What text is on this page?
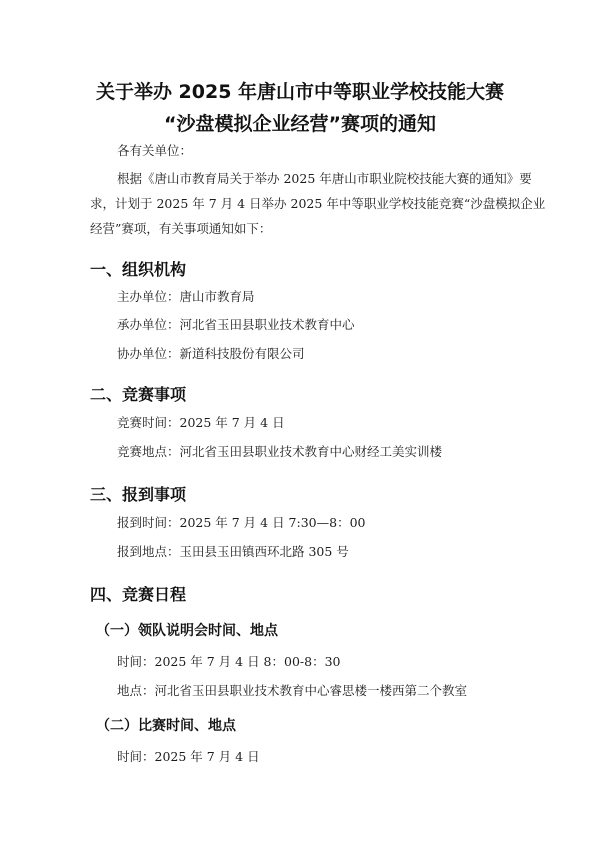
关于举办 2025 年唐山市中等职业学校技能大赛
“沙盘模拟企业经营”赛项的通知
各有关单位：
根据《唐山市教育局关于举办 2025 年唐山市职业院校技能大赛的通知》要
求，计划于 2025 年 7 月 4 日举办 2025 年中等职业学校技能竞赛“沙盘模拟企业
经营”赛项，有关事项通知如下：
一、组织机构
主办单位：唐山市教育局
承办单位：河北省玉田县职业技术教育中心
协办单位：新道科技股份有限公司
二、竞赛事项
竞赛时间：2025 年 7 月 4 日
竞赛地点：河北省玉田县职业技术教育中心财经工美实训楼
三、报到事项
报到时间：2025 年 7 月 4 日 7:30—8：00
报到地点：玉田县玉田镇西环北路 305 号
四、竞赛日程
（一）领队说明会时间、地点
时间：2025 年 7 月 4 日 8：00-8：30
地点：河北省玉田县职业技术教育中心睿思楼一楼西第二个教室
（二）比赛时间、地点
时间：2025 年 7 月 4 日
